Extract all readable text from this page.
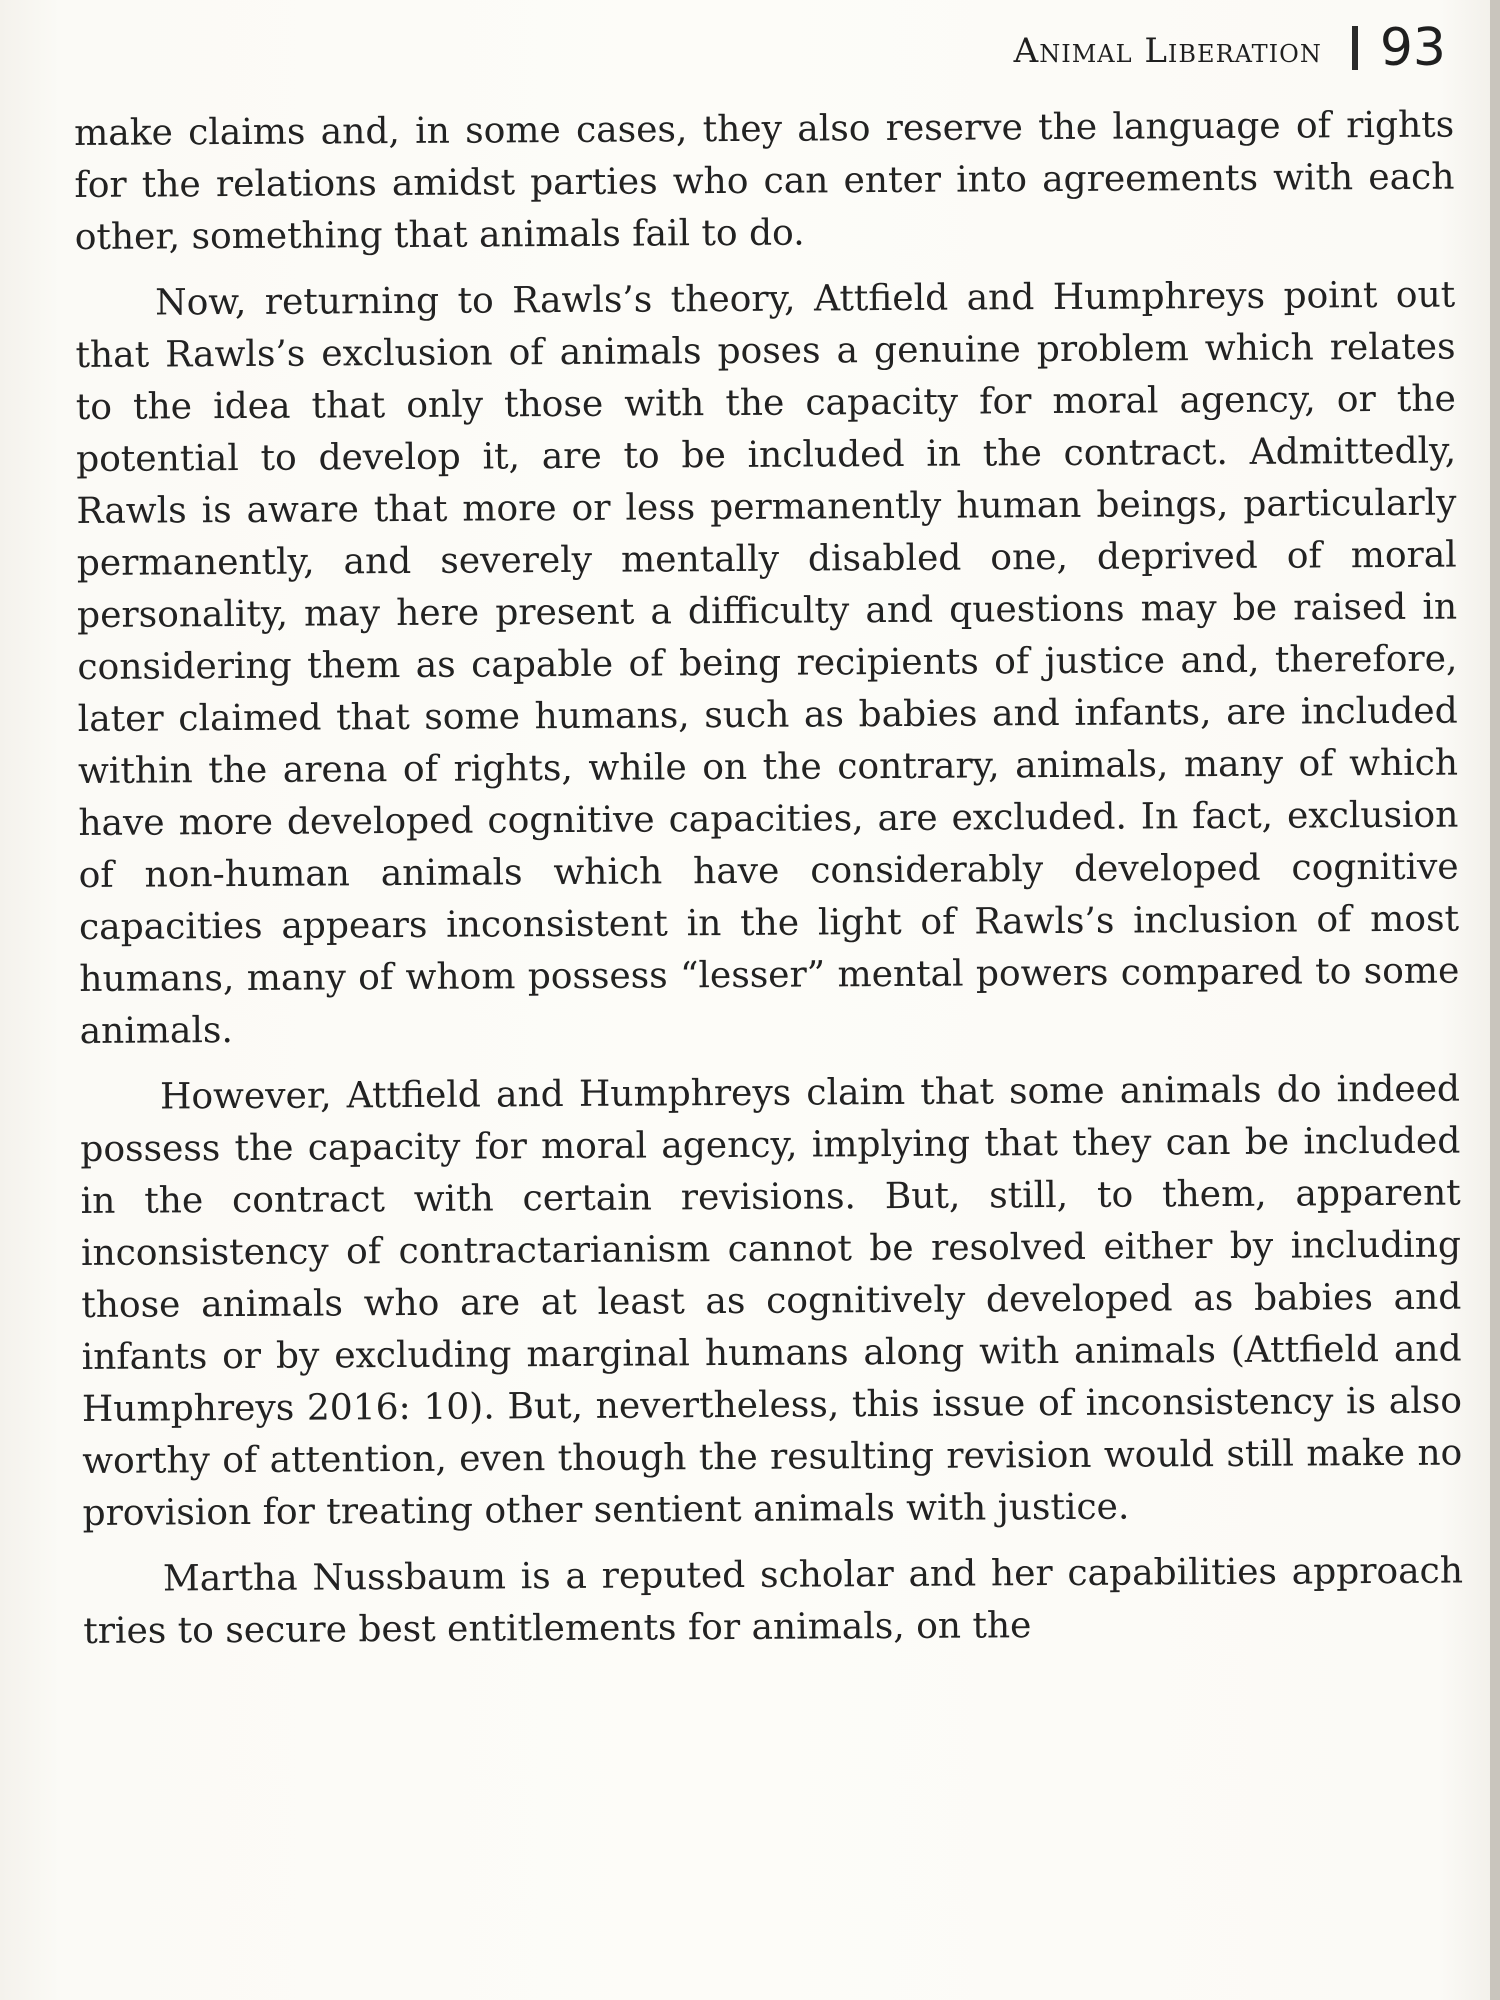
Animal Liberation 93

make claims and, in some cases, they also reserve the language of rights for the relations amidst parties who can enter into agreements with each other, something that animals fail to do.

Now, returning to Rawls’s theory, Attfield and Humphreys point out that Rawls’s exclusion of animals poses a genuine problem which relates to the idea that only those with the capacity for moral agency, or the potential to develop it, are to be included in the contract. Admittedly, Rawls is aware that more or less permanently human beings, particularly permanently, and severely mentally disabled one, deprived of moral personality, may here present a difficulty and questions may be raised in considering them as capable of being recipients of justice and, therefore, later claimed that some humans, such as babies and infants, are included within the arena of rights, while on the contrary, animals, many of which have more developed cognitive capacities, are excluded. In fact, exclusion of non-human animals which have considerably developed cognitive capacities appears inconsistent in the light of Rawls’s inclusion of most humans, many of whom possess “lesser” mental powers compared to some animals.

However, Attfield and Humphreys claim that some animals do indeed possess the capacity for moral agency, implying that they can be included in the contract with certain revisions. But, still, to them, apparent inconsistency of contractarianism cannot be resolved either by including those animals who are at least as cognitively developed as babies and infants or by excluding marginal humans along with animals (Attfield and Humphreys 2016: 10). But, nevertheless, this issue of inconsistency is also worthy of attention, even though the resulting revision would still make no provision for treating other sentient animals with justice.

Martha Nussbaum is a reputed scholar and her capabilities approach tries to secure best entitlements for animals, on the
